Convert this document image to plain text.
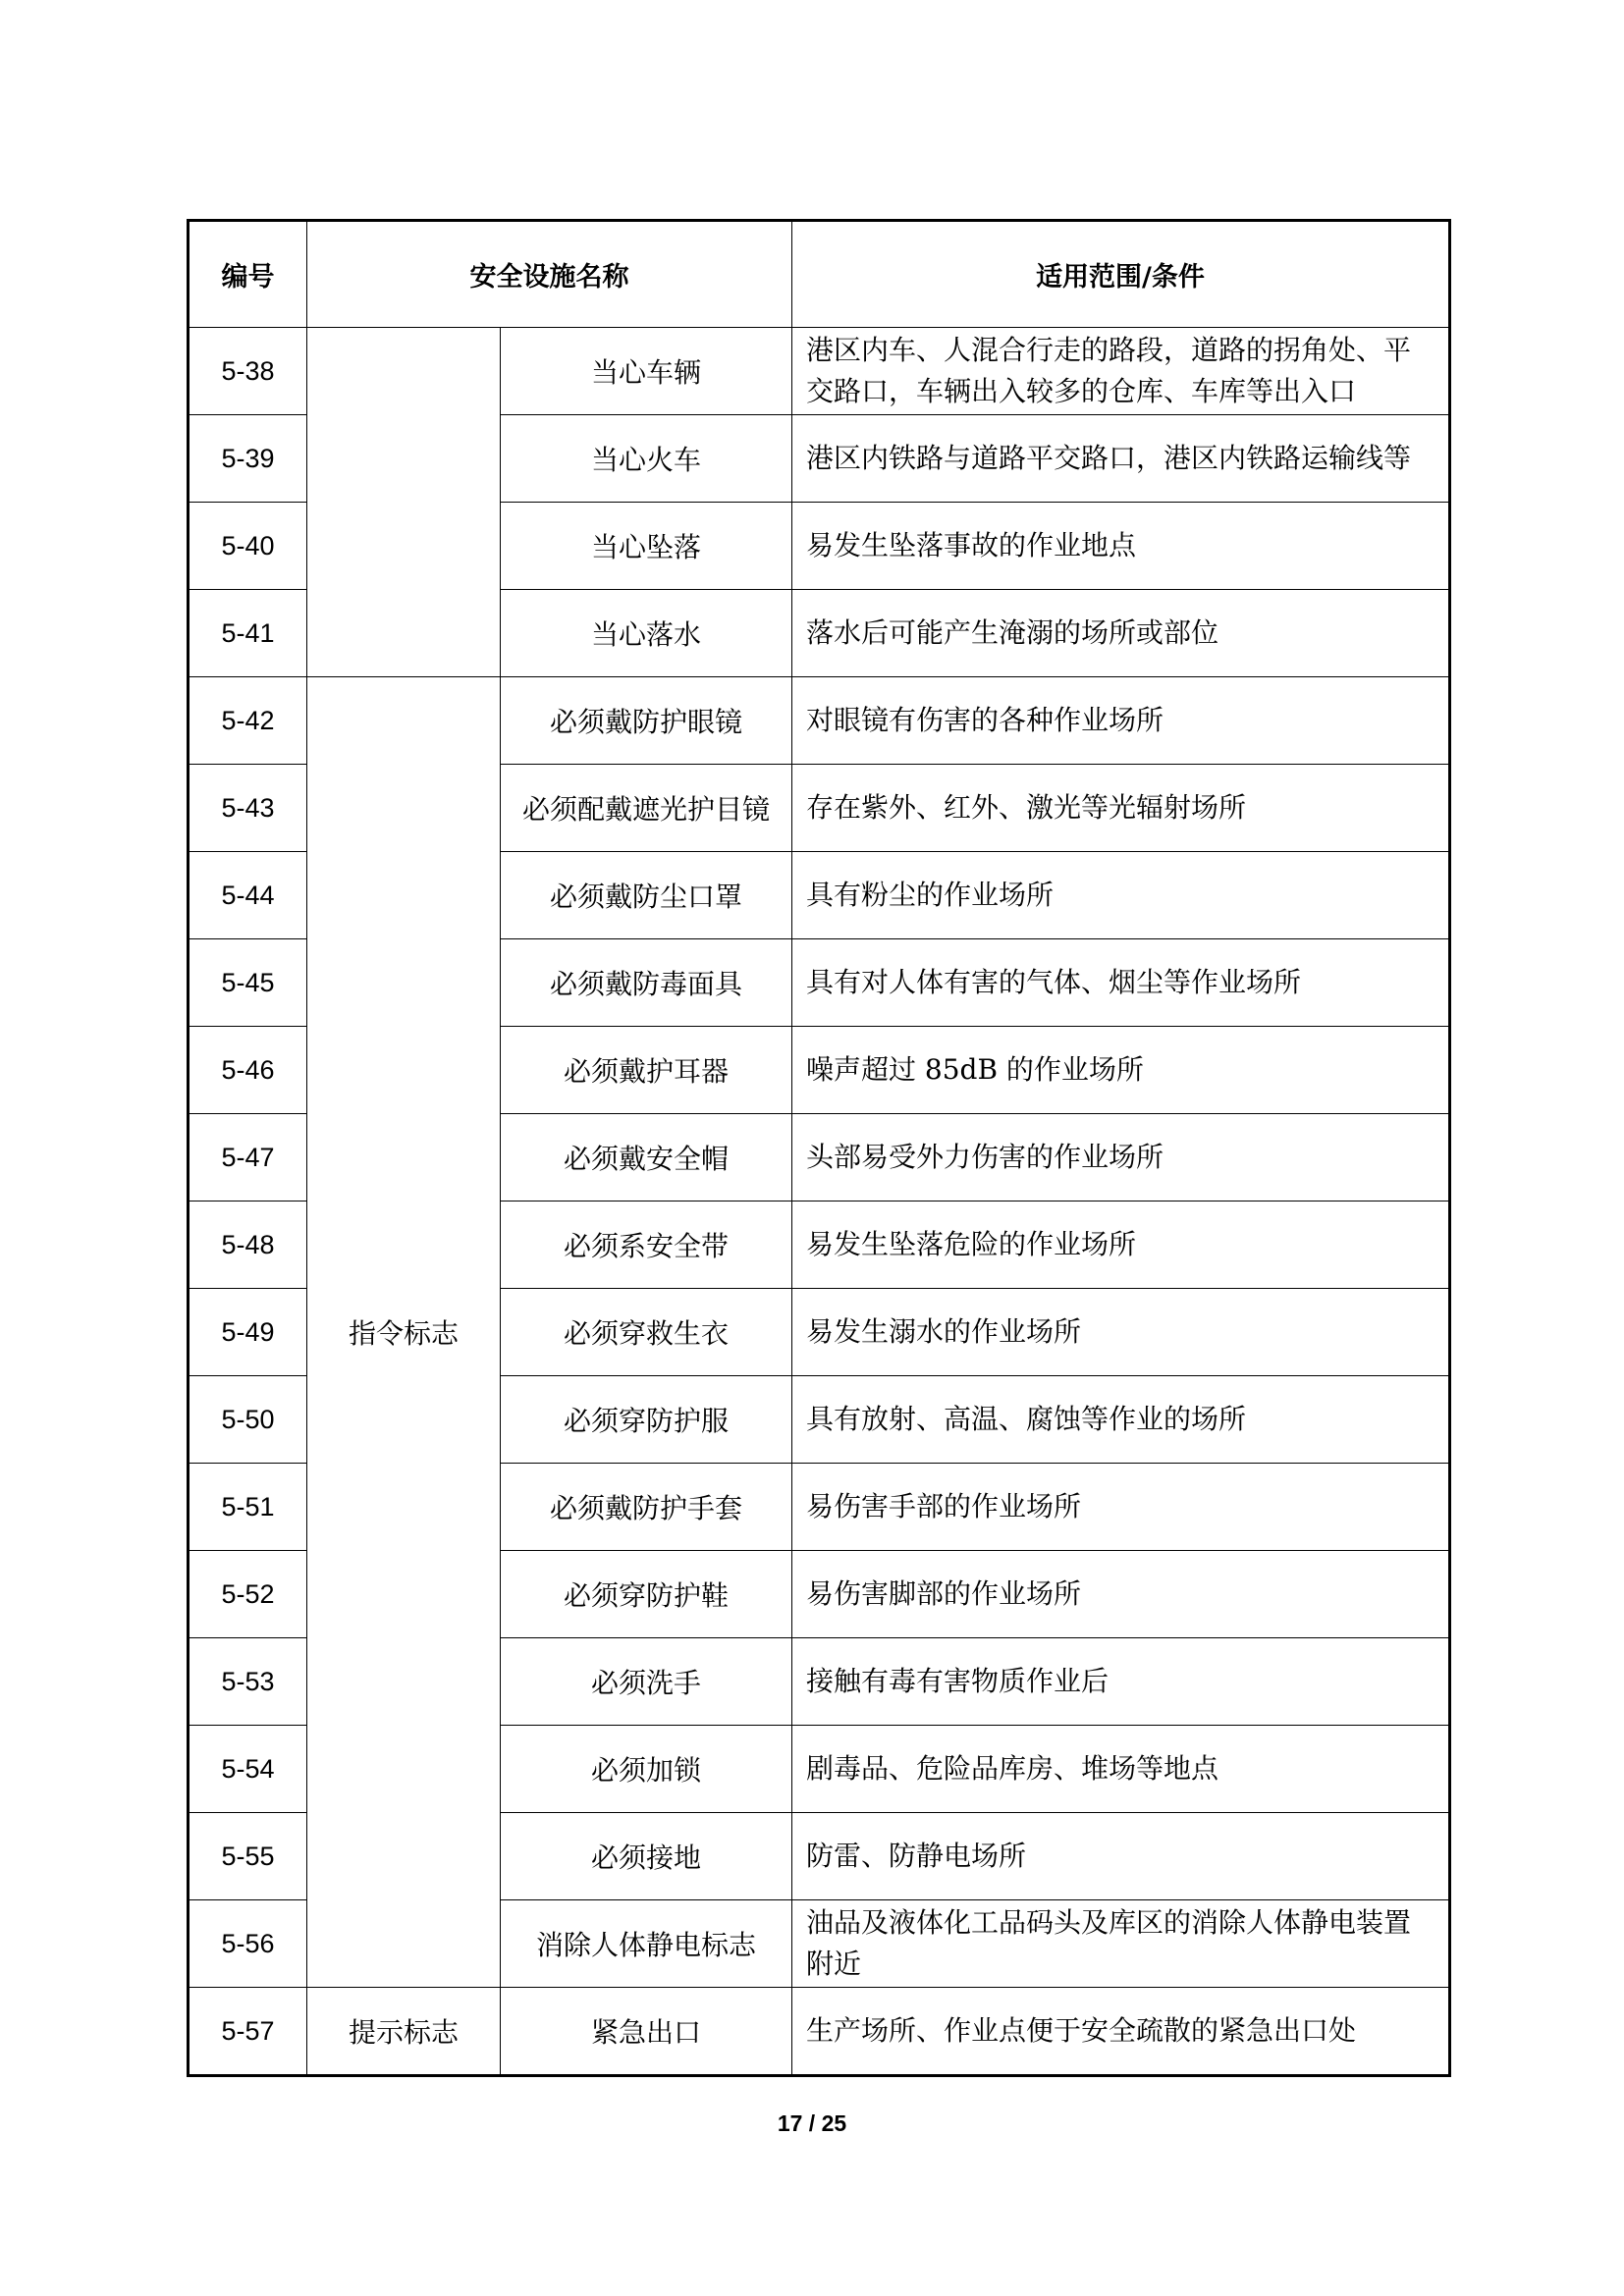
编号	安全设施名称		适用范围/条件
5-38		当心车辆	港区内车、人混合行走的路段，道路的拐角处、平交路口，车辆出入较多的仓库、车库等出入口
5-39		当心火车	港区内铁路与道路平交路口，港区内铁路运输线等
5-40		当心坠落	易发生坠落事故的作业地点
5-41		当心落水	落水后可能产生淹溺的场所或部位
5-42	指令标志	必须戴防护眼镜	对眼镜有伤害的各种作业场所
5-43		必须配戴遮光护目镜	存在紫外、红外、激光等光辐射场所
5-44		必须戴防尘口罩	具有粉尘的作业场所
5-45		必须戴防毒面具	具有对人体有害的气体、烟尘等作业场所
5-46		必须戴护耳器	噪声超过 85dB 的作业场所
5-47		必须戴安全帽	头部易受外力伤害的作业场所
5-48		必须系安全带	易发生坠落危险的作业场所
5-49		必须穿救生衣	易发生溺水的作业场所
5-50		必须穿防护服	具有放射、高温、腐蚀等作业的场所
5-51		必须戴防护手套	易伤害手部的作业场所
5-52		必须穿防护鞋	易伤害脚部的作业场所
5-53		必须洗手	接触有毒有害物质作业后
5-54		必须加锁	剧毒品、危险品库房、堆场等地点
5-55		必须接地	防雷、防静电场所
5-56		消除人体静电标志	油品及液体化工品码头及库区的消除人体静电装置附近
5-57	提示标志	紧急出口	生产场所、作业点便于安全疏散的紧急出口处
17 / 25
